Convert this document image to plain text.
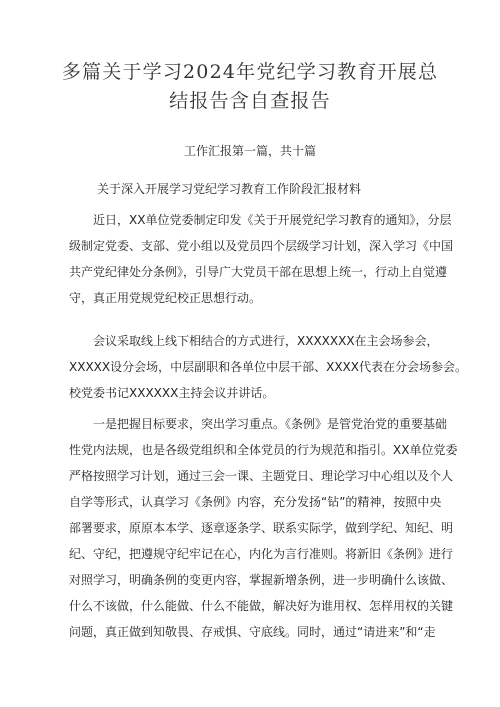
多篇关于学习2024年党纪学习教育开展总
结报告含自查报告
工作汇报第一篇，共十篇
关于深入开展学习党纪学习教育工作阶段汇报材料
　　近日，XX单位党委制定印发《关于开展党纪学习教育的通知》，分层
级制定党委、支部、党小组以及党员四个层级学习计划，深入学习《中国
共产党纪律处分条例》，引导广大党员干部在思想上统一，行动上自觉遵
守，真正用党规党纪校正思想行动。
　　会议采取线上线下相结合的方式进行，XXXXXXX在主会场参会，
XXXXX设分会场，中层副职和各单位中层干部、XXXX代表在分会场参会。
校党委书记XXXXXX主持会议并讲话。
　　一是把握目标要求，突出学习重点。《条例》是管党治党的重要基础
性党内法规，也是各级党组织和全体党员的行为规范和指引。XX单位党委
严格按照学习计划，通过三会一课、主题党日、理论学习中心组以及个人
自学等形式，认真学习《条例》内容，充分发扬“钻”的精神，按照中央
部署要求，原原本本学、逐章逐条学、联系实际学，做到学纪、知纪、明
纪、守纪，把遵规守纪牢记在心，内化为言行准则。将新旧《条例》进行
对照学习，明确条例的变更内容，掌握新增条例，进一步明确什么该做、
什么不该做，什么能做、什么不能做，解决好为谁用权、怎样用权的关键
问题，真正做到知敬畏、存戒惧、守底线。同时，通过“请进来”和“走
